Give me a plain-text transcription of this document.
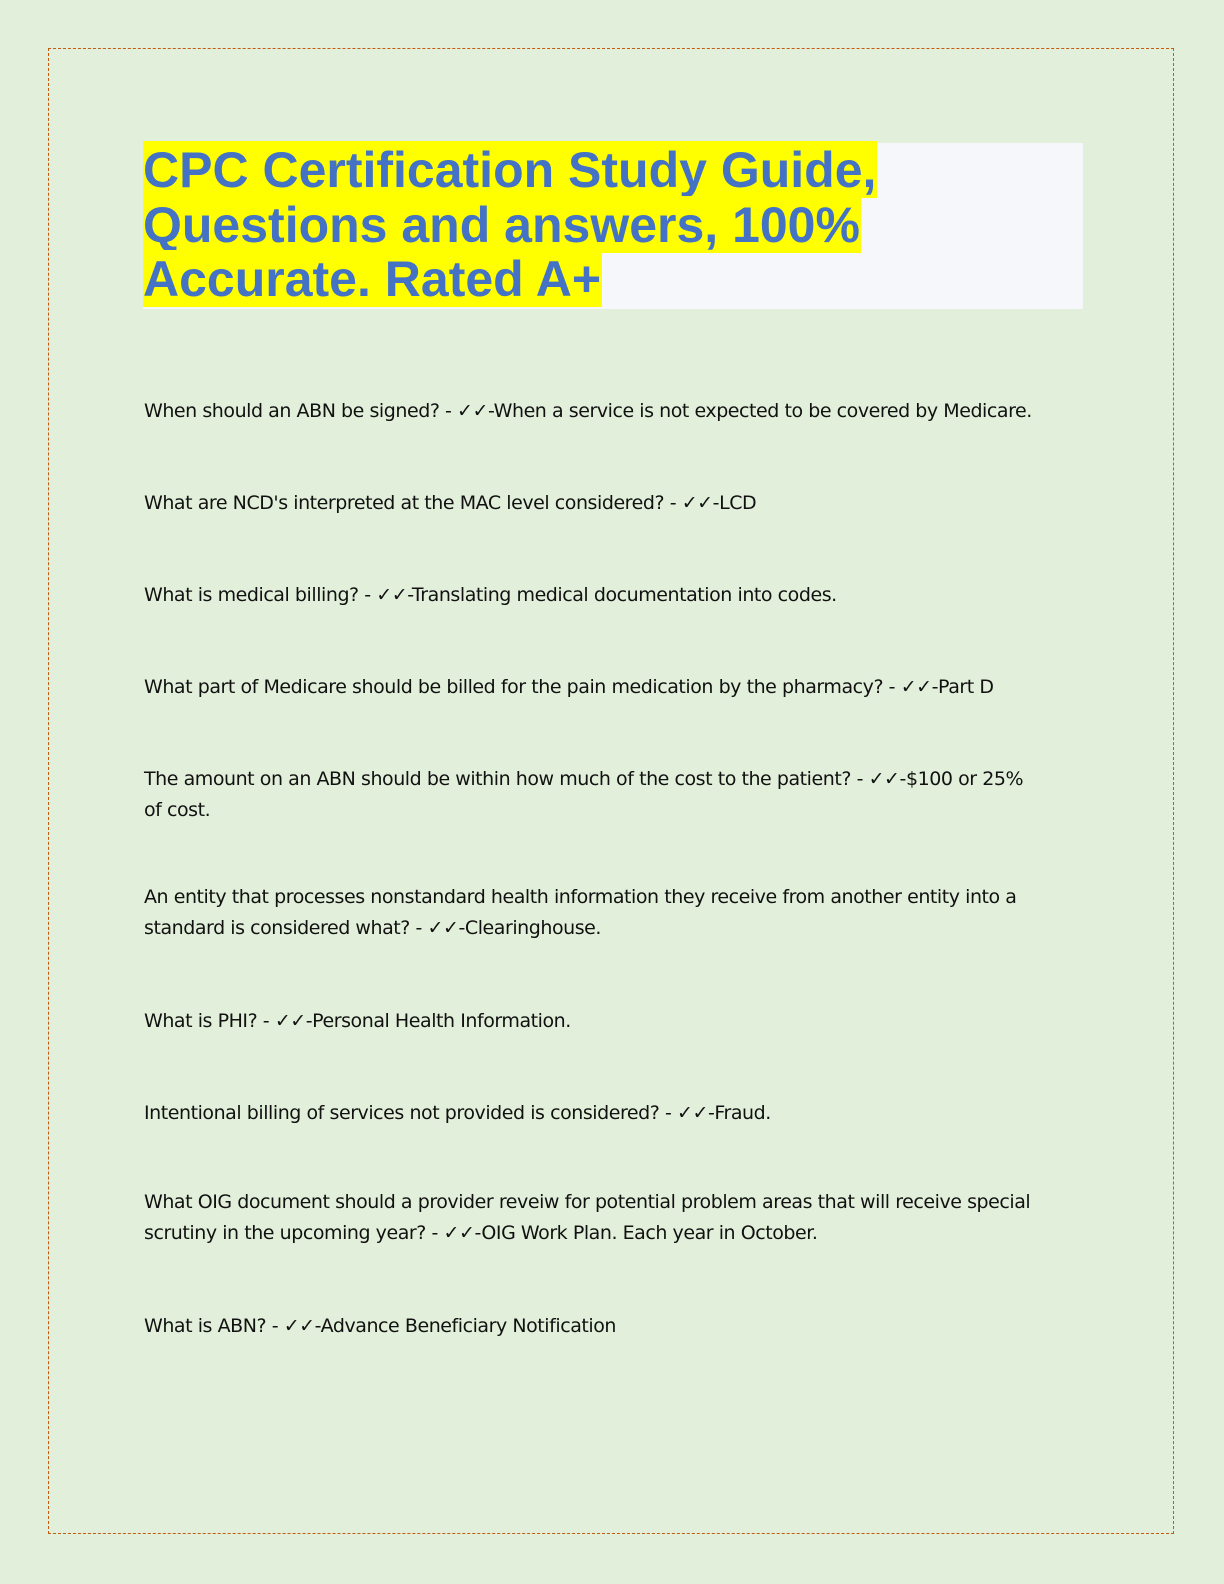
CPC Certification Study Guide, Questions and answers, 100% Accurate. Rated A+

When should an ABN be signed? - ✓✓-When a service is not expected to be covered by Medicare.

What are NCD's interpreted at the MAC level considered? - ✓✓-LCD

What is medical billing? - ✓✓-Translating medical documentation into codes.

What part of Medicare should be billed for the pain medication by the pharmacy? - ✓✓-Part D

The amount on an ABN should be within how much of the cost to the patient? - ✓✓-$100 or 25% of cost.

An entity that processes nonstandard health information they receive from another entity into a standard is considered what? - ✓✓-Clearinghouse.

What is PHI? - ✓✓-Personal Health Information.

Intentional billing of services not provided is considered? - ✓✓-Fraud.

What OIG document should a provider reveiw for potential problem areas that will receive special scrutiny in the upcoming year? - ✓✓-OIG Work Plan. Each year in October.

What is ABN? - ✓✓-Advance Beneficiary Notification
